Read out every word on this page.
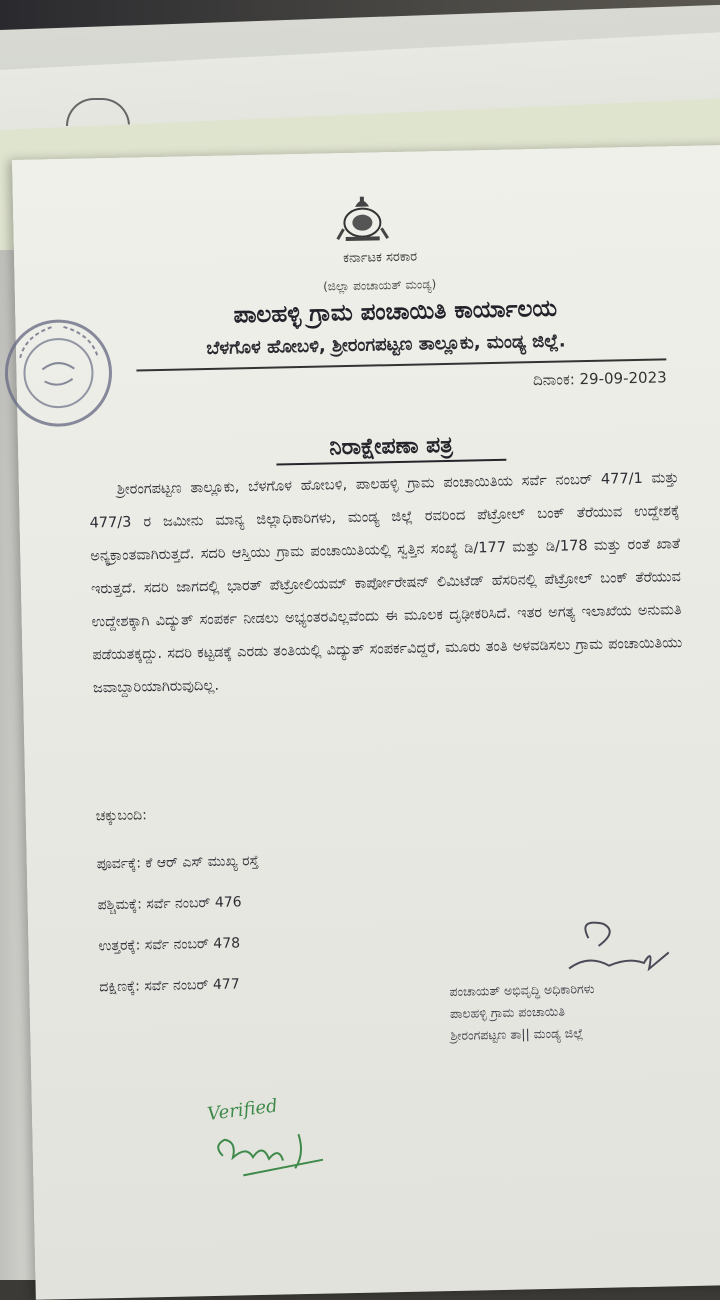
ಕರ್ನಾಟಕ ಸರಕಾರ
(ಜಿಲ್ಲಾ ಪಂಚಾಯತ್ ಮಂಡ್ಯ)
ಪಾಲಹಳ್ಳಿ ಗ್ರಾಮ ಪಂಚಾಯಿತಿ ಕಾರ್ಯಾಲಯ
ಬೆಳಗೊಳ ಹೋಬಳಿ, ಶ್ರೀರಂಗಪಟ್ಟಣ ತಾಲ್ಲೂಕು, ಮಂಡ್ಯ ಜಿಲ್ಲೆ.
ದಿನಾಂಕ: 29-09-2023
ನಿರಾಕ್ಷೇಪಣಾ ಪತ್ರ

ಶ್ರೀರಂಗಪಟ್ಟಣ ತಾಲ್ಲೂಕು, ಬೆಳಗೊಳ ಹೋಬಳಿ, ಪಾಲಹಳ್ಳಿ ಗ್ರಾಮ ಪಂಚಾಯಿತಿಯ ಸರ್ವೆ ನಂಬರ್ 477/1 ಮತ್ತು 477/3 ರ ಜಮೀನು ಮಾನ್ಯ ಜಿಲ್ಲಾಧಿಕಾರಿಗಳು, ಮಂಡ್ಯ ಜಿಲ್ಲೆ ರವರಿಂದ ಪೆಟ್ರೋಲ್ ಬಂಕ್ ತೆರೆಯುವ ಉದ್ದೇಶಕ್ಕೆ ಅನ್ಯಕ್ರಾಂತವಾಗಿರುತ್ತದೆ. ಸದರಿ ಆಸ್ತಿಯು ಗ್ರಾಮ ಪಂಚಾಯಿತಿಯಲ್ಲಿ ಸ್ವತ್ತಿನ ಸಂಖ್ಯೆ ಡಿ/177 ಮತ್ತು ಡಿ/178 ಮತ್ತು ರಂತೆ ಖಾತೆ ಇರುತ್ತದೆ. ಸದರಿ ಜಾಗದಲ್ಲಿ ಭಾರತ್ ಪೆಟ್ರೋಲಿಯಮ್ ಕಾರ್ಪೋರೇಷನ್ ಲಿಮಿಟೆಡ್ ಹೆಸರಿನಲ್ಲಿ ಪೆಟ್ರೋಲ್ ಬಂಕ್ ತೆರೆಯುವ ಉದ್ದೇಶಕ್ಕಾಗಿ ವಿದ್ಯುತ್ ಸಂಪರ್ಕ ನೀಡಲು ಅಭ್ಯಂತರವಿಲ್ಲವೆಂದು ಈ ಮೂಲಕ ದೃಢೀಕರಿಸಿದೆ. ಇತರ ಅಗತ್ಯ ಇಲಾಖೆಯ ಅನುಮತಿ ಪಡೆಯತಕ್ಕದ್ದು. ಸದರಿ ಕಟ್ಟಡಕ್ಕೆ ಎರಡು ತಂತಿಯಲ್ಲಿ ವಿದ್ಯುತ್ ಸಂಪರ್ಕವಿದ್ದರೆ, ಮೂರು ತಂತಿ ಅಳವಡಿಸಲು ಗ್ರಾಮ ಪಂಚಾಯಿತಿಯು ಜವಾಬ್ದಾರಿಯಾಗಿರುವುದಿಲ್ಲ.

ಚಕ್ಕುಬಂದಿ:
ಪೂರ್ವಕ್ಕೆ: ಕೆ ಆರ್ ಎಸ್ ಮುಖ್ಯ ರಸ್ತೆ
ಪಶ್ಚಿಮಕ್ಕೆ: ಸರ್ವೆ ನಂಬರ್ 476
ಉತ್ತರಕ್ಕೆ: ಸರ್ವೆ ನಂಬರ್ 478
ದಕ್ಷಿಣಕ್ಕೆ: ಸರ್ವೆ ನಂಬರ್ 477	ಪಂಚಾಯತ್ ಅಭಿವೃದ್ಧಿ ಅಧಿಕಾರಿಗಳು
ಪಾಲಹಳ್ಳಿ ಗ್ರಾಮ ಪಂಚಾಯಿತಿ
ಶ್ರೀರಂಗಪಟ್ಟಣ ತಾ|| ಮಂಡ್ಯ ಜಿಲ್ಲೆ
Verified
